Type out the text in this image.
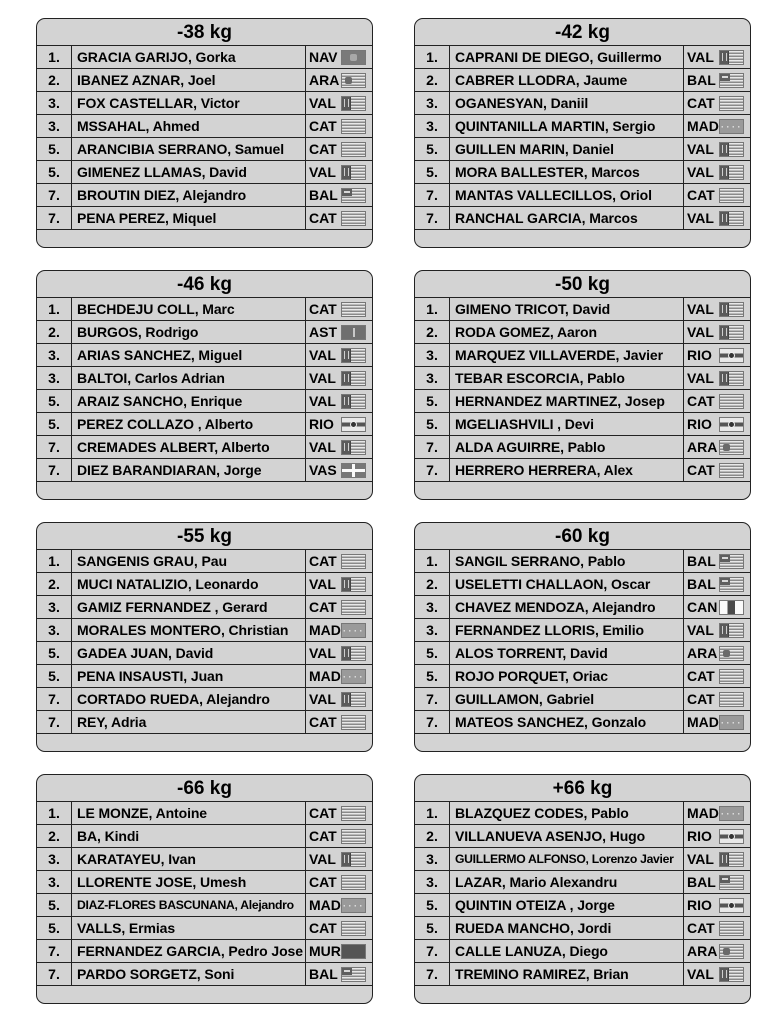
-38 kg
1.	GRACIA GARIJO, Gorka	NAV
2.	IBANEZ AZNAR, Joel	ARA
3.	FOX CASTELLAR, Victor	VAL
3.	MSSAHAL, Ahmed	CAT
5.	ARANCIBIA SERRANO, Samuel	CAT
5.	GIMENEZ LLAMAS, David	VAL
7.	BROUTIN DIEZ, Alejandro	BAL
7.	PENA PEREZ, Miquel	CAT
-42 kg
1.	CAPRANI DE DIEGO, Guillermo	VAL
2.	CABRER LLODRA, Jaume	BAL
3.	OGANESYAN, Daniil	CAT
3.	QUINTANILLA MARTIN, Sergio	MAD
· · · ·
5.	GUILLEN MARIN, Daniel	VAL
5.	MORA BALLESTER, Marcos	VAL
7.	MANTAS VALLECILLOS, Oriol	CAT
7.	RANCHAL GARCIA, Marcos	VAL
-46 kg
1.	BECHDEJU COLL, Marc	CAT
2.	BURGOS, Rodrigo	AST
3.	ARIAS SANCHEZ, Miguel	VAL
3.	BALTOI, Carlos Adrian	VAL
5.	ARAIZ SANCHO, Enrique	VAL
5.	PEREZ COLLAZO , Alberto	RIO
7.	CREMADES ALBERT, Alberto	VAL
7.	DIEZ BARANDIARAN, Jorge	VAS
-50 kg
1.	GIMENO TRICOT, David	VAL
2.	RODA GOMEZ, Aaron	VAL
3.	MARQUEZ VILLAVERDE, Javier	RIO
3.	TEBAR ESCORCIA, Pablo	VAL
5.	HERNANDEZ MARTINEZ, Josep	CAT
5.	MGELIASHVILI , Devi	RIO
7.	ALDA AGUIRRE, Pablo	ARA
7.	HERRERO HERRERA, Alex	CAT
-55 kg
1.	SANGENIS GRAU, Pau	CAT
2.	MUCI NATALIZIO, Leonardo	VAL
3.	GAMIZ FERNANDEZ , Gerard	CAT
3.	MORALES MONTERO, Christian	MAD
· · · ·
5.	GADEA JUAN, David	VAL
5.	PENA INSAUSTI, Juan	MAD
· · · ·
7.	CORTADO RUEDA, Alejandro	VAL
7.	REY, Adria	CAT
-60 kg
1.	SANGIL SERRANO, Pablo	BAL
2.	USELETTI CHALLAON, Oscar	BAL
3.	CHAVEZ MENDOZA, Alejandro	CAN
3.	FERNANDEZ LLORIS, Emilio	VAL
5.	ALOS TORRENT, David	ARA
5.	ROJO PORQUET, Oriac	CAT
7.	GUILLAMON, Gabriel	CAT
7.	MATEOS SANCHEZ, Gonzalo	MAD
· · · ·
-66 kg
1.	LE MONZE, Antoine	CAT
2.	BA, Kindi	CAT
3.	KARATAYEU, Ivan	VAL
3.	LLORENTE JOSE, Umesh	CAT
5.	DIAZ-FLORES BASCUNANA, Alejandro	MAD
· · · ·
5.	VALLS, Ermias	CAT
7.	FERNANDEZ GARCIA, Pedro Jose MUR
7.	PARDO SORGETZ, Soni	BAL
+66 kg
1.	BLAZQUEZ CODES, Pablo	MAD
· · · ·
2.	VILLANUEVA ASENJO, Hugo	RIO
3.	GUILLERMO ALFONSO, Lorenzo Javier VAL
3.	LAZAR, Mario Alexandru	BAL
5.	QUINTIN OTEIZA , Jorge	RIO
5.	RUEDA MANCHO, Jordi	CAT
7.	CALLE LANUZA, Diego	ARA
7.	TREMINO RAMIREZ, Brian	VAL
